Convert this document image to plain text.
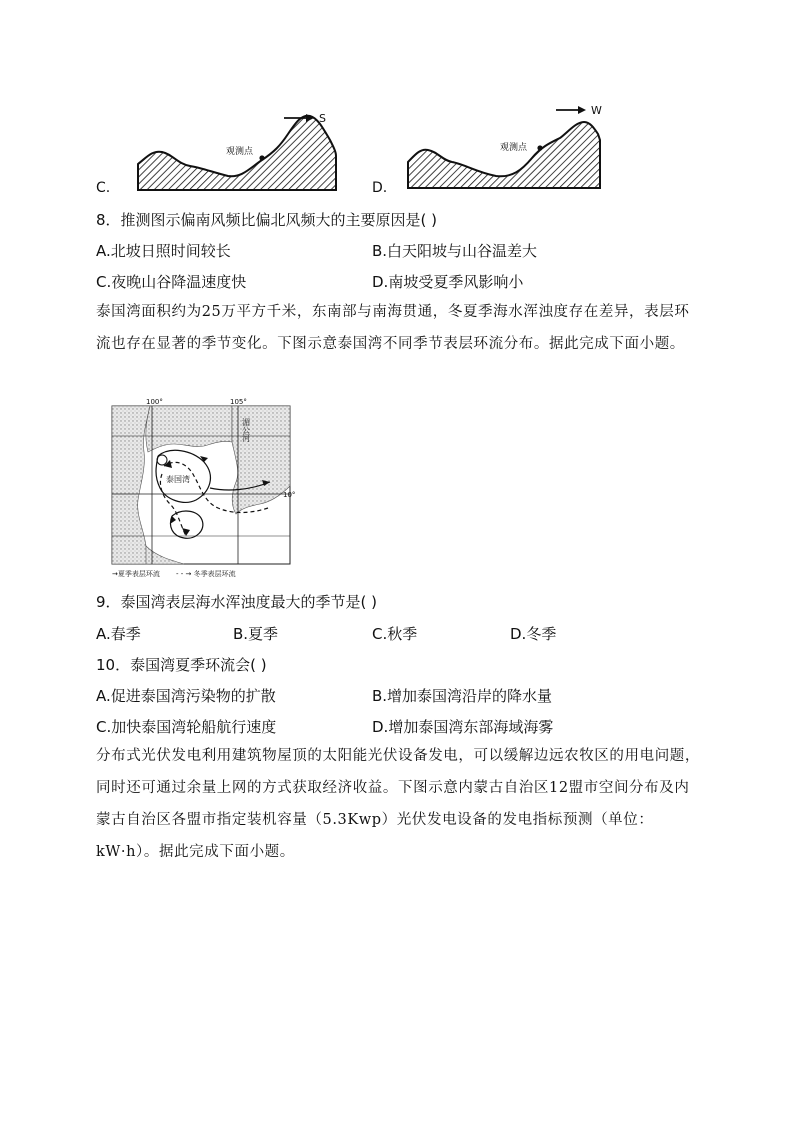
C.
观测点
S
D.
观测点
W
8．推测图示偏南风频比偏北风频大的主要原因是( )
A.北坡日照时间较长	B.白天阳坡与山谷温差大
C.夜晚山谷降温速度快	D.南坡受夏季风影响小
泰国湾面积约为25万平方千米，东南部与南海贯通，冬夏季海水浑浊度存在差异，表层环流也存在显著的季节变化。下图示意泰国湾不同季节表层环流分布。据此完成下面小题。
100°	105°
10°
泰国湾
湄公河
→夏季表层环流 - - → 冬季表层环流
9．泰国湾表层海水浑浊度最大的季节是( )
A.春季	B.夏季	C.秋季	D.冬季
10．泰国湾夏季环流会( )
A.促进泰国湾污染物的扩散	B.增加泰国湾沿岸的降水量
C.加快泰国湾轮船航行速度	D.增加泰国湾东部海域海雾
分布式光伏发电利用建筑物屋顶的太阳能光伏设备发电，可以缓解边远农牧区的用电问题，同时还可通过余量上网的方式获取经济收益。下图示意内蒙古自治区12盟市空间分布及内蒙古自治区各盟市指定装机容量（5.3Kwp）光伏发电设备的发电指标预测（单位：kW·h）。据此完成下面小题。
